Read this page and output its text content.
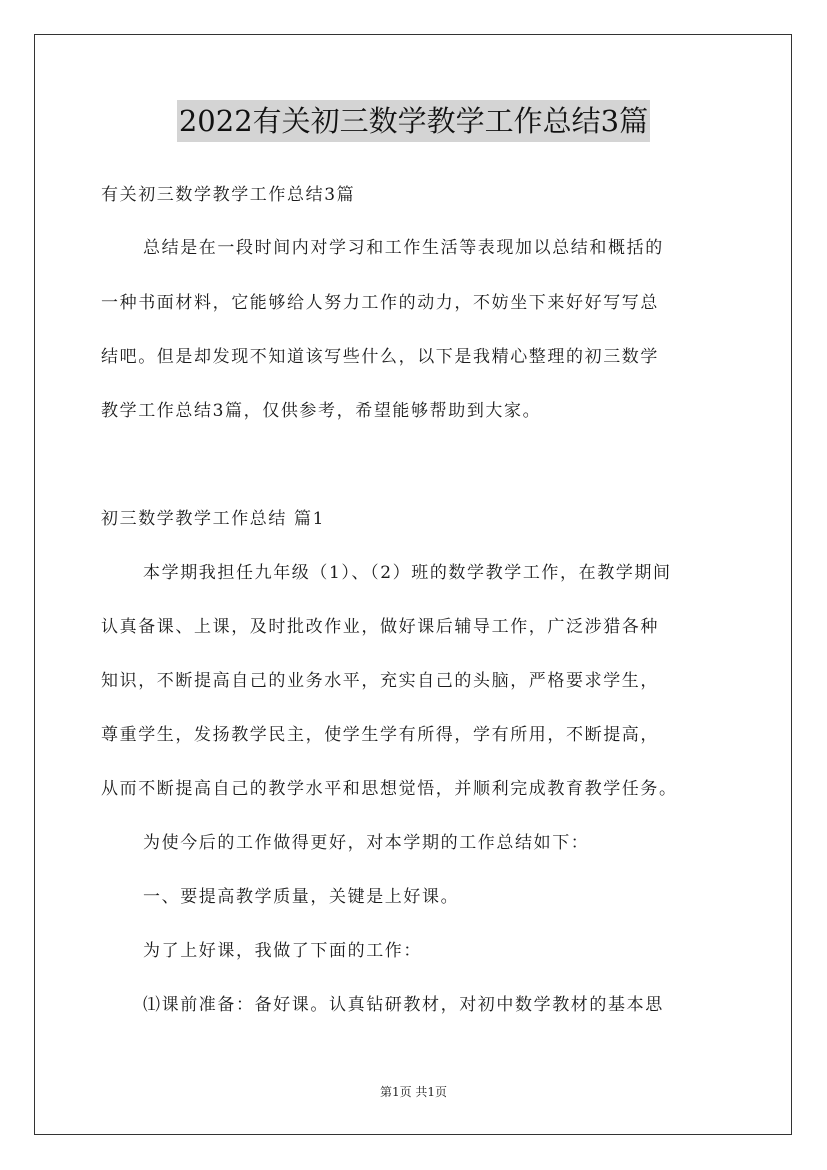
2022有关初三数学教学工作总结3篇
有关初三数学教学工作总结3篇
总结是在一段时间内对学习和工作生活等表现加以总结和概括的
一种书面材料，它能够给人努力工作的动力，不妨坐下来好好写写总
结吧。但是却发现不知道该写些什么，以下是我精心整理的初三数学
教学工作总结3篇，仅供参考，希望能够帮助到大家。
初三数学教学工作总结 篇1
本学期我担任九年级（1）、（2）班的数学教学工作，在教学期间
认真备课、上课，及时批改作业，做好课后辅导工作，广泛涉猎各种
知识，不断提高自己的业务水平，充实自己的头脑，严格要求学生，
尊重学生，发扬教学民主，使学生学有所得，学有所用，不断提高，
从而不断提高自己的教学水平和思想觉悟，并顺利完成教育教学任务。
为使今后的工作做得更好，对本学期的工作总结如下：
一、要提高教学质量，关键是上好课。
为了上好课，我做了下面的工作：
⑴课前准备：备好课。认真钻研教材，对初中数学教材的基本思
第1页 共1页
